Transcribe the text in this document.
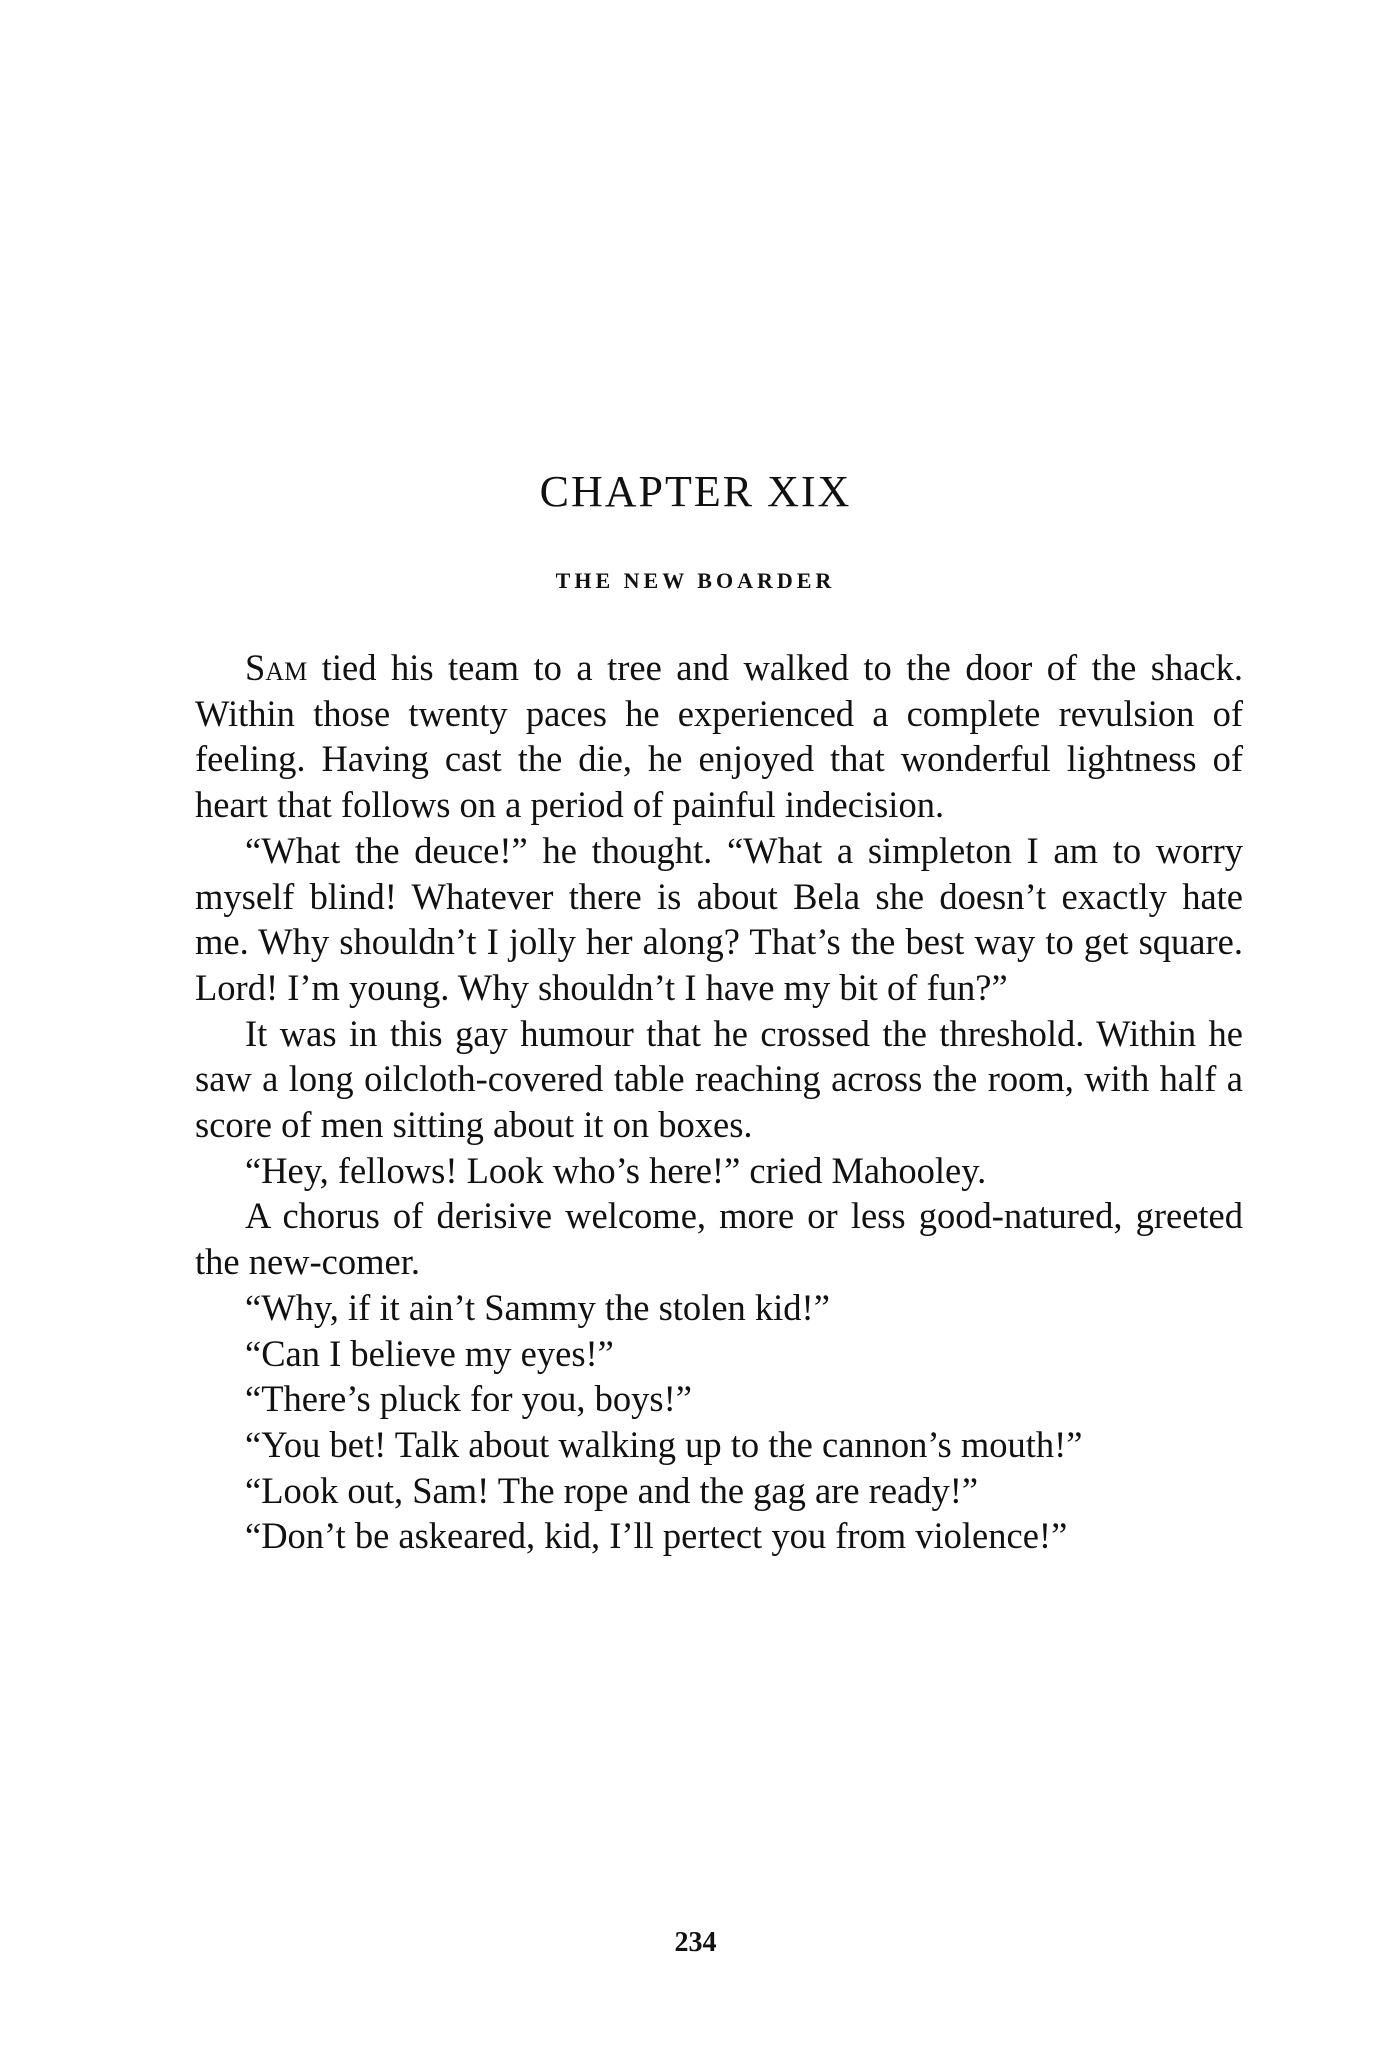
CHAPTER XIX
THE NEW BOARDER

Sam tied his team to a tree and walked to the door of the shack. Within those twenty paces he experienced a complete revulsion of feeling. Having cast the die, he enjoyed that wonderful lightness of heart that follows on a period of painful indecision.

“What the deuce!” he thought. “What a simpleton I am to worry myself blind! Whatever there is about Bela she doesn’t exactly hate me. Why shouldn’t I jolly her along? That’s the best way to get square. Lord! I’m young. Why shouldn’t I have my bit of fun?”

It was in this gay humour that he crossed the threshold. Within he saw a long oilcloth-covered table reaching across the room, with half a score of men sitting about it on boxes.

“Hey, fellows! Look who’s here!” cried Mahooley.

A chorus of derisive welcome, more or less good-natured, greeted the new-comer.

“Why, if it ain’t Sammy the stolen kid!”

“Can I believe my eyes!”

“There’s pluck for you, boys!”

“You bet! Talk about walking up to the cannon’s mouth!”

“Look out, Sam! The rope and the gag are ready!”

“Don’t be askeared, kid, I’ll pertect you from violence!”

234
